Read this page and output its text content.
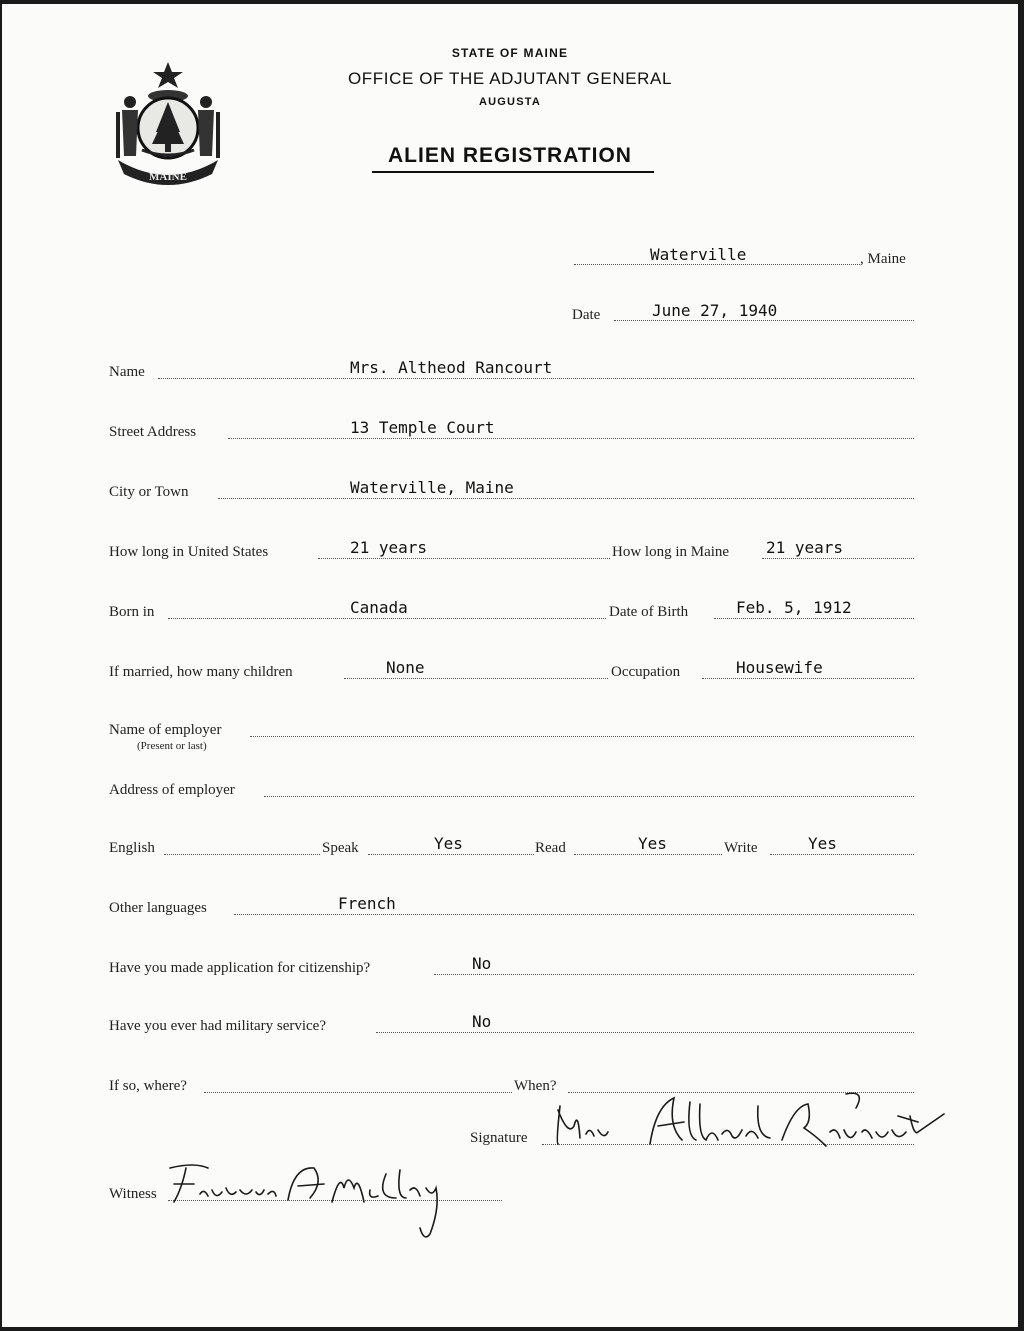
MAINE
STATE OF MAINE
OFFICE OF THE ADJUTANT GENERAL
AUGUSTA
ALIEN REGISTRATION
Waterville	, Maine
Date	June 27, 1940
Name	Mrs. Altheod Rancourt
Street Address	13 Temple Court
City or Town	Waterville, Maine
How long in United States	21 years	How long in Maine 21 years
Born in	Canada	Date of Birth	Feb. 5, 1912
If married, how many children	None	Occupation	Housewife
Name of employer
(Present or last)
Address of employer
English	Speak	Yes	Read	Yes	Write	Yes
Other languages	French
Have you made application for citizenship?	No
Have you ever had military service?	No
If so, where?	When?
Signature
Witness
